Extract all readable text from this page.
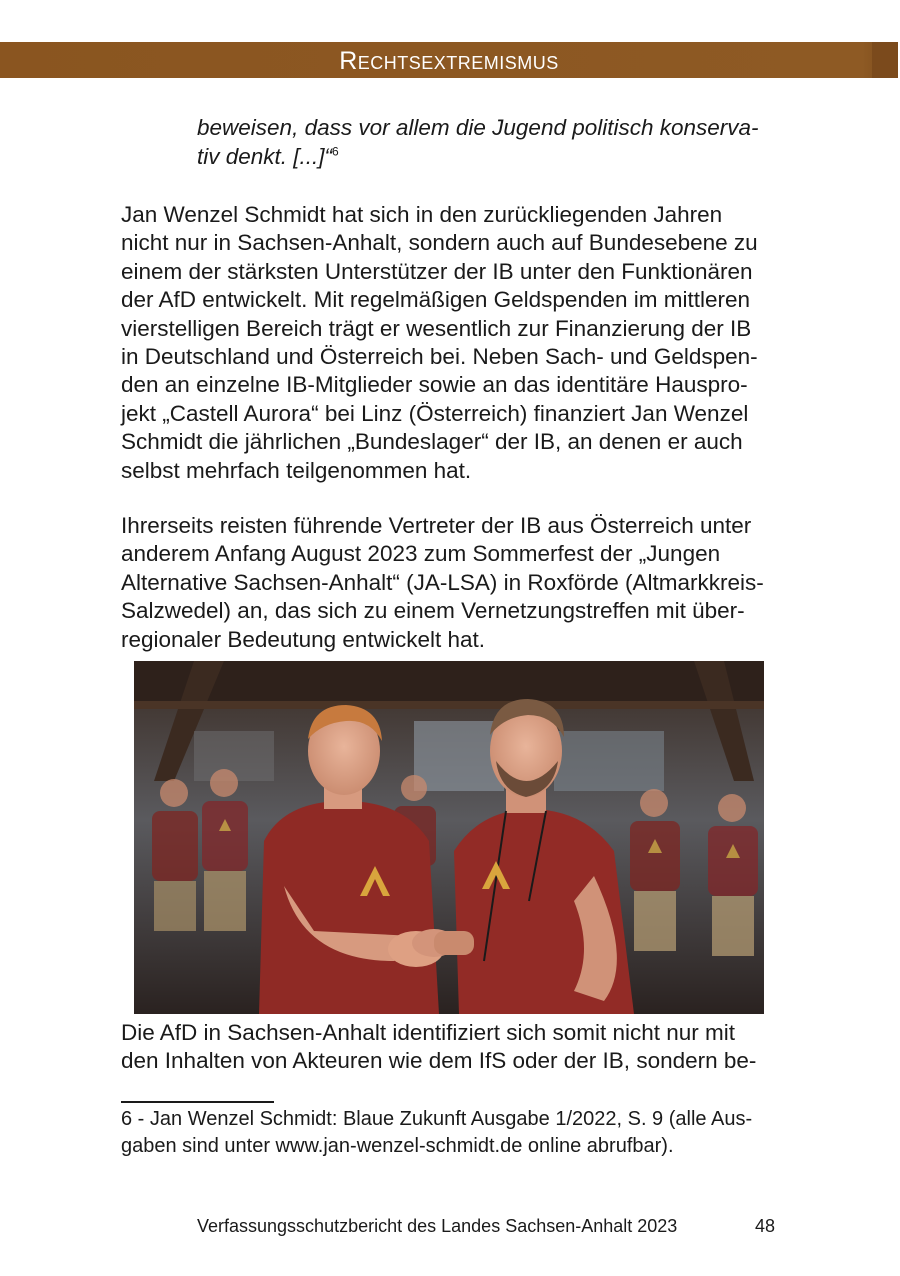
Rechtsextremismus
beweisen, dass vor allem die Jugend politisch konserva-
tiv denkt. [...]“$^6$
Jan Wenzel Schmidt hat sich in den zurückliegenden Jahren
nicht nur in Sachsen-Anhalt, sondern auch auf Bundesebene zu
einem der stärksten Unterstützer der IB unter den Funktionären
der AfD entwickelt. Mit regelmäßigen Geldspenden im mittleren
vierstelligen Bereich trägt er wesentlich zur Finanzierung der IB
in Deutschland und Österreich bei. Neben Sach- und Geldspen-
den an einzelne IB-Mitglieder sowie an das identitäre Hauspro-
jekt „Castell Aurora“ bei Linz (Österreich) finanziert Jan Wenzel
Schmidt die jährlichen „Bundeslager“ der IB, an denen er auch
selbst mehrfach teilgenommen hat.
Ihrerseits reisten führende Vertreter der IB aus Österreich unter
anderem Anfang August 2023 zum Sommerfest der „Jungen
Alternative Sachsen-Anhalt“ (JA-LSA) in Roxförde (Altmarkkreis-
Salzwedel) an, das sich zu einem Vernetzungstreffen mit über-
regionaler Bedeutung entwickelt hat.
Die AfD in Sachsen-Anhalt identifiziert sich somit nicht nur mit
den Inhalten von Akteuren wie dem IfS oder der IB, sondern be-
6 - Jan Wenzel Schmidt: Blaue Zukunft Ausgabe 1/2022, S. 9 (alle Aus-
gaben sind unter www.jan-wenzel-schmidt.de online abrufbar).
Verfassungsschutzbericht des Landes Sachsen-Anhalt 2023	48
